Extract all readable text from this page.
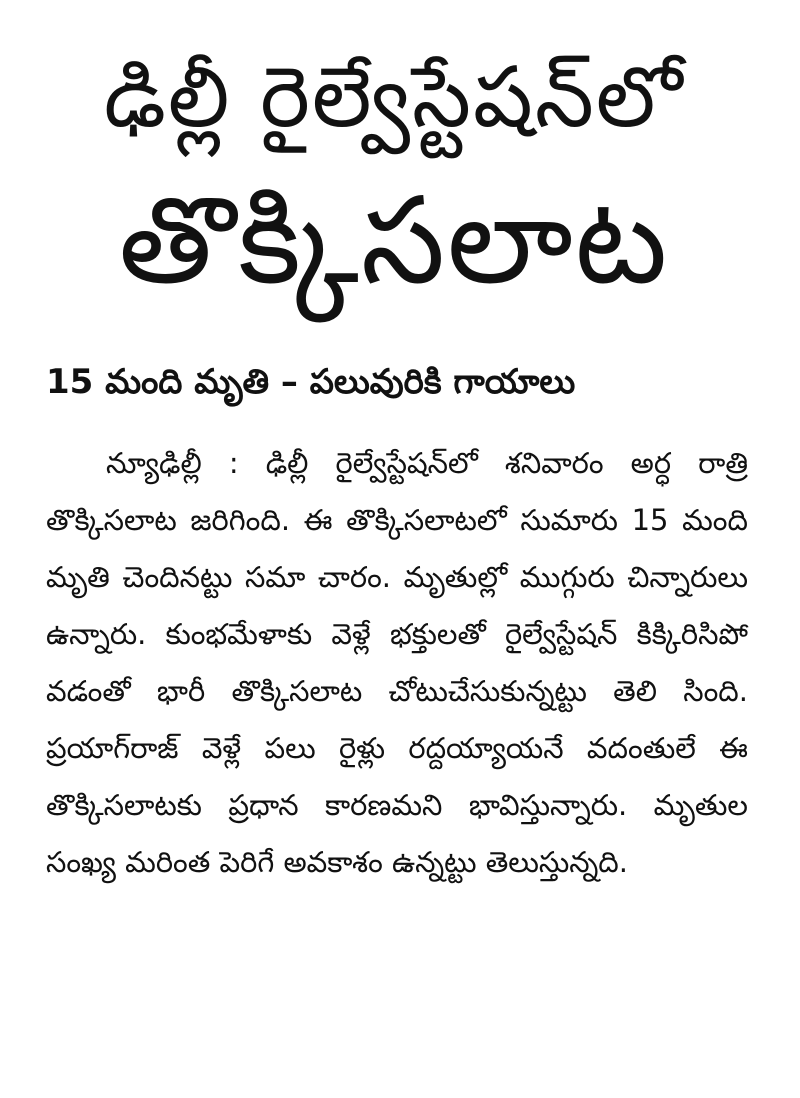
ఢిల్లీ రైల్వేస్టేషన్‌లో
తొక్కిసలాట
15 మంది మృతి – పలువురికి గాయాలు

న్యూఢిల్లీ : ఢిల్లీ రైల్వేస్టేషన్‌లో శనివారం అర్ధ రాత్రి తొక్కిసలాట జరిగింది. ఈ తొక్కిసలాటలో సుమారు 15 మంది మృతి చెందినట్టు సమా చారం. మృతుల్లో ముగ్గురు చిన్నారులు ఉన్నారు. కుంభమేళాకు వెళ్లే భక్తులతో రైల్వేస్టేషన్ కిక్కిరిసిపో వడంతో భారీ తొక్కిసలాట చోటుచేసుకున్నట్టు తెలి సింది. ప్రయాగ్‌రాజ్ వెళ్లే పలు రైళ్లు రద్దయ్యాయనే వదంతులే ఈ తొక్కిసలాటకు ప్రధాన కారణమని భావిస్తున్నారు. మృతుల సంఖ్య మరింత పెరిగే అవకాశం ఉన్నట్టు తెలుస్తున్నది.
